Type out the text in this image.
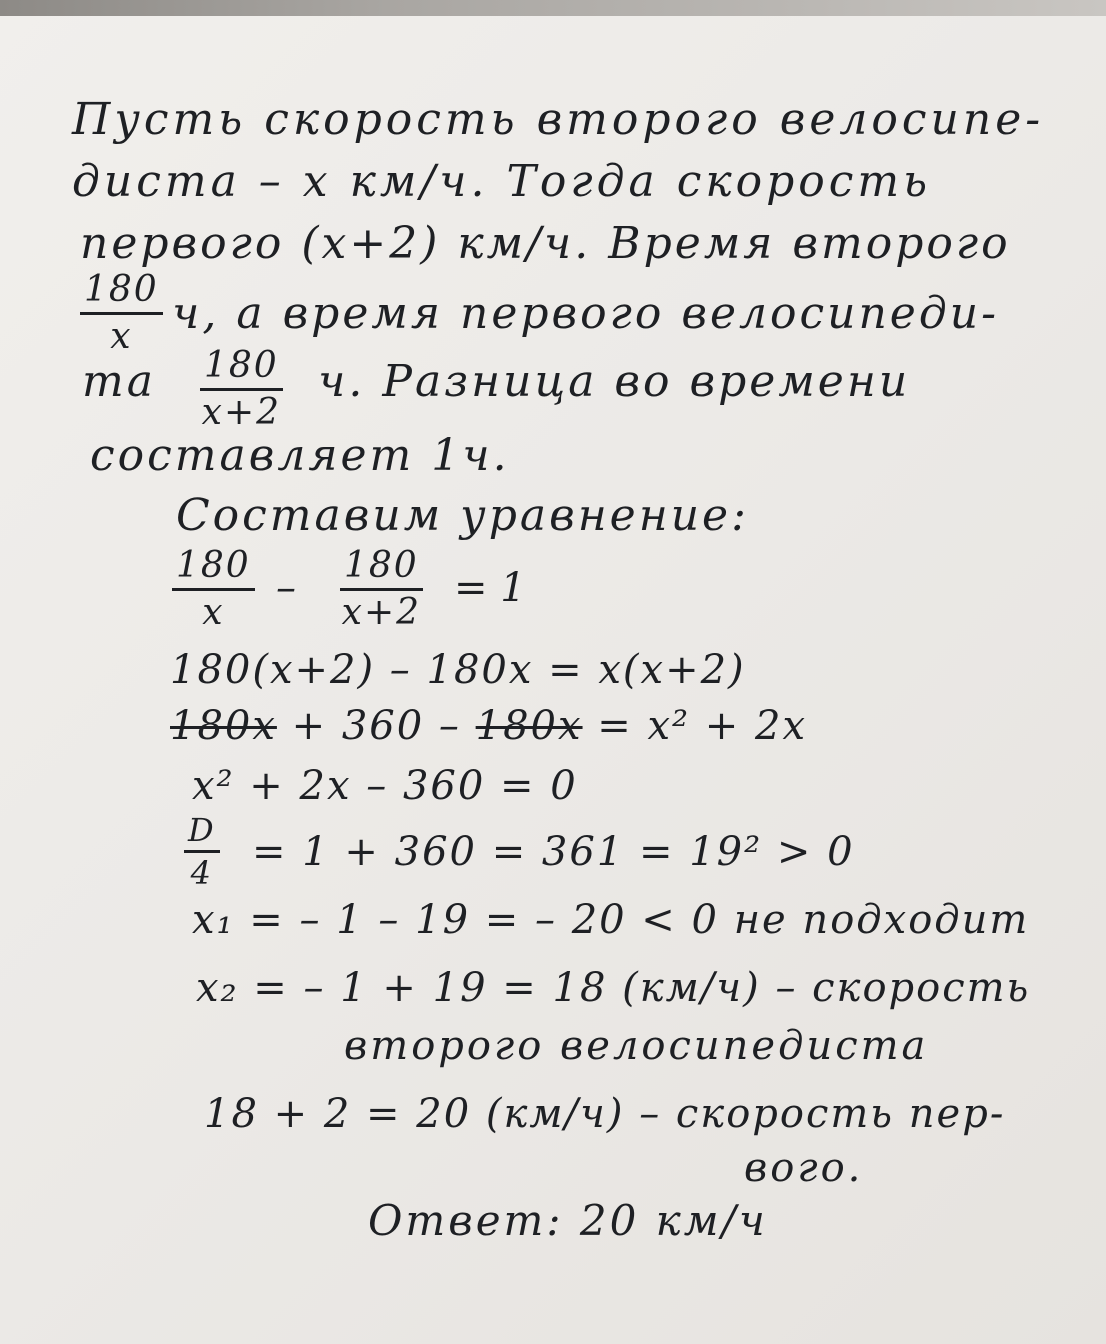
Пусть скорость второго велосипе-
диста – x км/ч. Тогда скорость
первого (x+2) км/ч. Время второго
$\frac{180}{x} ч$, а время первого велосипеди-
та $\frac{180}{x+2} ч$. Разница во времени
составляет 1ч.
Составим уравнение:
$\frac{180}{x} - \frac{180}{x+2} = 1$
180(x+2) – 180x = x(x+2)
180x + 360 – 180x = x² + 2x
x² + 2x – 360 = 0
$\frac{D}{4} = 1 + 360 = 361 = 19^2 > 0$
x₁ = – 1 – 19 = – 20 < 0 не подходит
x₂ = – 1 + 19 = 18 (км/ч) – скорость
второго велосипедиста
18 + 2 = 20 (км/ч) – скорость пер-
вого.
Ответ: 20 км/ч
